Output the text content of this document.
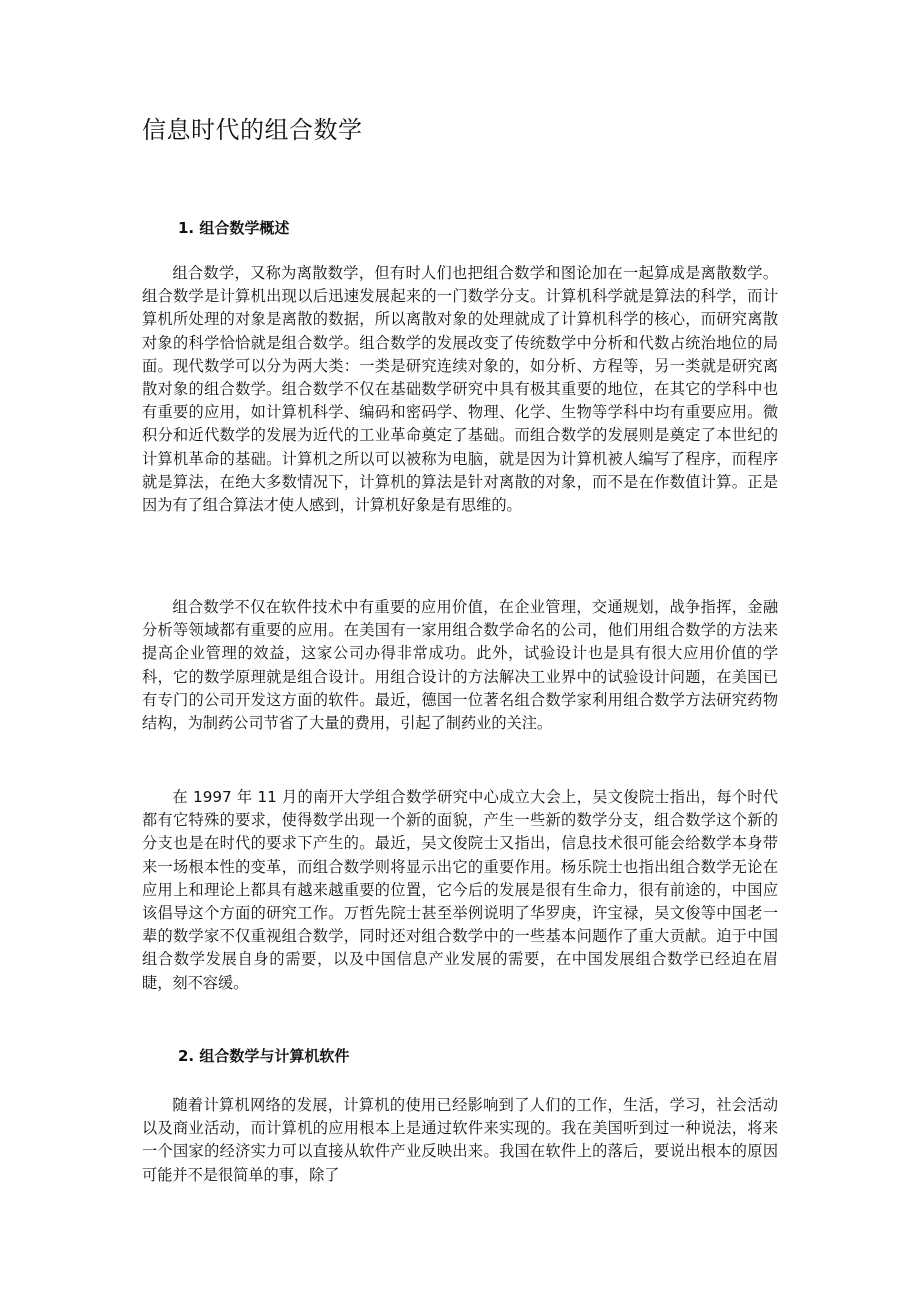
信息时代的组合数学
1. 组合数学概述

组合数学，又称为离散数学，但有时人们也把组合数学和图论加在一起算成是离散数学。组合数学是计算机出现以后迅速发展起来的一门数学分支。计算机科学就是算法的科学，而计算机所处理的对象是离散的数据，所以离散对象的处理就成了计算机科学的核心，而研究离散对象的科学恰恰就是组合数学。组合数学的发展改变了传统数学中分析和代数占统治地位的局面。现代数学可以分为两大类：一类是研究连续对象的，如分析、方程等，另一类就是研究离散对象的组合数学。组合数学不仅在基础数学研究中具有极其重要的地位，在其它的学科中也有重要的应用，如计算机科学、编码和密码学、物理、化学、生物等学科中均有重要应用。微积分和近代数学的发展为近代的工业革命奠定了基础。而组合数学的发展则是奠定了本世纪的计算机革命的基础。计算机之所以可以被称为电脑，就是因为计算机被人编写了程序，而程序就是算法，在绝大多数情况下，计算机的算法是针对离散的对象，而不是在作数值计算。正是因为有了组合算法才使人感到，计算机好象是有思维的。

组合数学不仅在软件技术中有重要的应用价值，在企业管理，交通规划，战争指挥，金融分析等领域都有重要的应用。在美国有一家用组合数学命名的公司，他们用组合数学的方法来提高企业管理的效益，这家公司办得非常成功。此外，试验设计也是具有很大应用价值的学科，它的数学原理就是组合设计。用组合设计的方法解决工业界中的试验设计问题，在美国已有专门的公司开发这方面的软件。最近，德国一位著名组合数学家利用组合数学方法研究药物结构，为制药公司节省了大量的费用，引起了制药业的关注。

在 1997 年 11 月的南开大学组合数学研究中心成立大会上，吴文俊院士指出，每个时代都有它特殊的要求，使得数学出现一个新的面貌，产生一些新的数学分支，组合数学这个新的分支也是在时代的要求下产生的。最近，吴文俊院士又指出，信息技术很可能会给数学本身带来一场根本性的变革，而组合数学则将显示出它的重要作用。杨乐院士也指出组合数学无论在应用上和理论上都具有越来越重要的位置，它今后的发展是很有生命力，很有前途的，中国应该倡导这个方面的研究工作。万哲先院士甚至举例说明了华罗庚，许宝禄，吴文俊等中国老一辈的数学家不仅重视组合数学，同时还对组合数学中的一些基本问题作了重大贡献。迫于中国组合数学发展自身的需要，以及中国信息产业发展的需要，在中国发展组合数学已经迫在眉睫，刻不容缓。

2. 组合数学与计算机软件

随着计算机网络的发展，计算机的使用已经影响到了人们的工作，生活，学习，社会活动以及商业活动，而计算机的应用根本上是通过软件来实现的。我在美国听到过一种说法，将来一个国家的经济实力可以直接从软件产业反映出来。我国在软件上的落后，要说出根本的原因可能并不是很简单的事，除了
